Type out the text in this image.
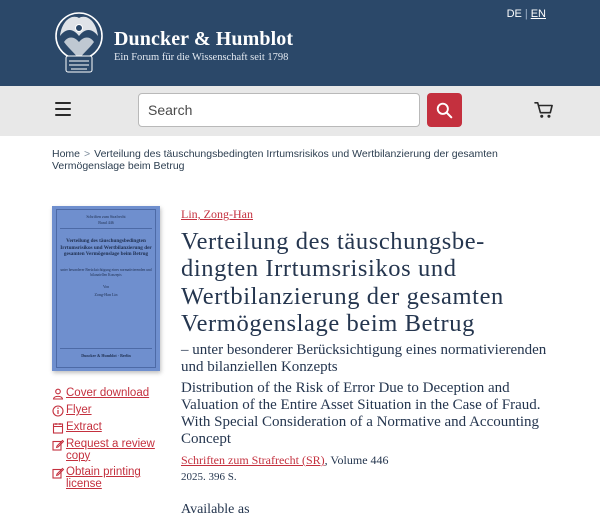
Duncker & Humblot
Ein Forum für die Wissenschaft seit 1798
DE | EN
Search
Home > Verteilung des täuschungsbedingten Irrtumsrisikos und Wertbilanzierung der gesamten Vermögenslage beim Betrug
Schriften zum Strafrecht
Band 446
Verteilung des täuschungsbedingten Irrtumsrisikos und Wertbilanzierung der gesamten Vermögenslage beim Betrug
unter besonderer Berücksichtigung eines normativierenden und bilanziellen Konzepts
Von
Zong-Han Lin
Duncker & Humblot · Berlin
Cover download
Flyer
Extract
Request a review copy
Obtain printing license
Lin, Zong-Han
Verteilung des täuschungsbe-dingten Irrtumsrisikos und Wertbilanzierung der gesamten Vermögenslage beim Betrug
– unter besonderer Berücksichtigung eines normativierenden und bilanziellen Konzepts
Distribution of the Risk of Error Due to Deception and Valuation of the Entire Asset Situation in the Case of Fraud. With Special Consideration of a Normative and Accounting Concept
Schriften zum Strafrecht (SR), Volume 446
2025. 396 S.
Available as
